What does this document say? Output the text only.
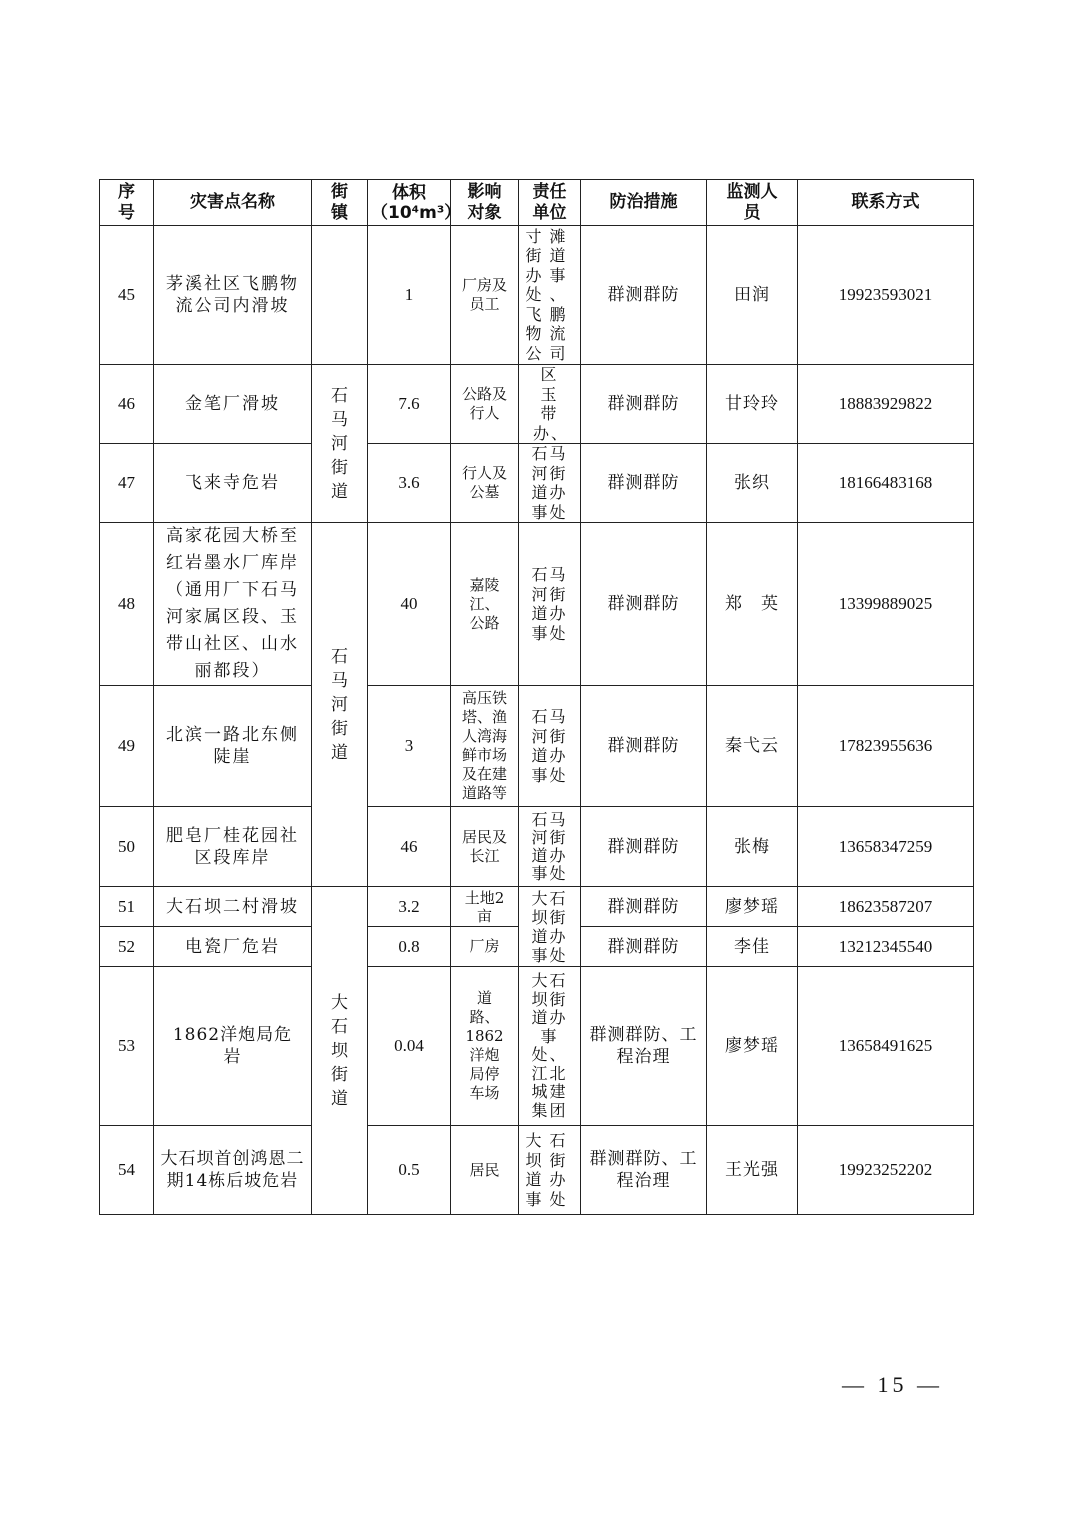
序号	灾害点名称	街镇	体积（10⁴m³）	影响对象	责任单位	防治措施	监测人员	联系方式
45	茅溪社区飞鹏物流公司内滑坡		1	厂房及员工	寸滩街道办事处、飞鹏物流公司	群测群防	田润	19923593021
46	金笔厂滑坡	石马河街道	7.6	公路及行人	区玉带办、	群测群防	甘玲玲	18883929822
47	飞来寺危岩		3.6	行人及公墓	石马河街道办事处	群测群防	张织	18166483168
48	高家花园大桥至红岩墨水厂库岸（通用厂下石马河家属区段、玉带山社区、山水丽都段）	石马河街道	40	嘉陵江、公路	石马河街道办事处	群测群防	郑　英	13399889025
49	北滨一路北东侧陡崖		3	高压铁塔、渔人湾海鲜市场及在建道路等	石马河街道办事处	群测群防	秦弋云	17823955636
50	肥皂厂桂花园社区段库岸		46	居民及长江	石马河街道办事处	群测群防	张梅	13658347259
51	大石坝二村滑坡	大石坝街道	3.2	土地2亩	大石坝街道办事处	群测群防	廖梦瑶	18623587207
52	电瓷厂危岩		0.8	厂房		群测群防	李佳	13212345540
53	1862洋炮局危岩		0.04	道路、1862洋炮局停车场	大石坝街道办事处、江北城建集团	群测群防、工程治理	廖梦瑶	13658491625
54	大石坝首创鸿恩二期14栋后坡危岩		0.5	居民	大石坝街道办事处	群测群防、工程治理	王光强	19923252202
— 15 —
